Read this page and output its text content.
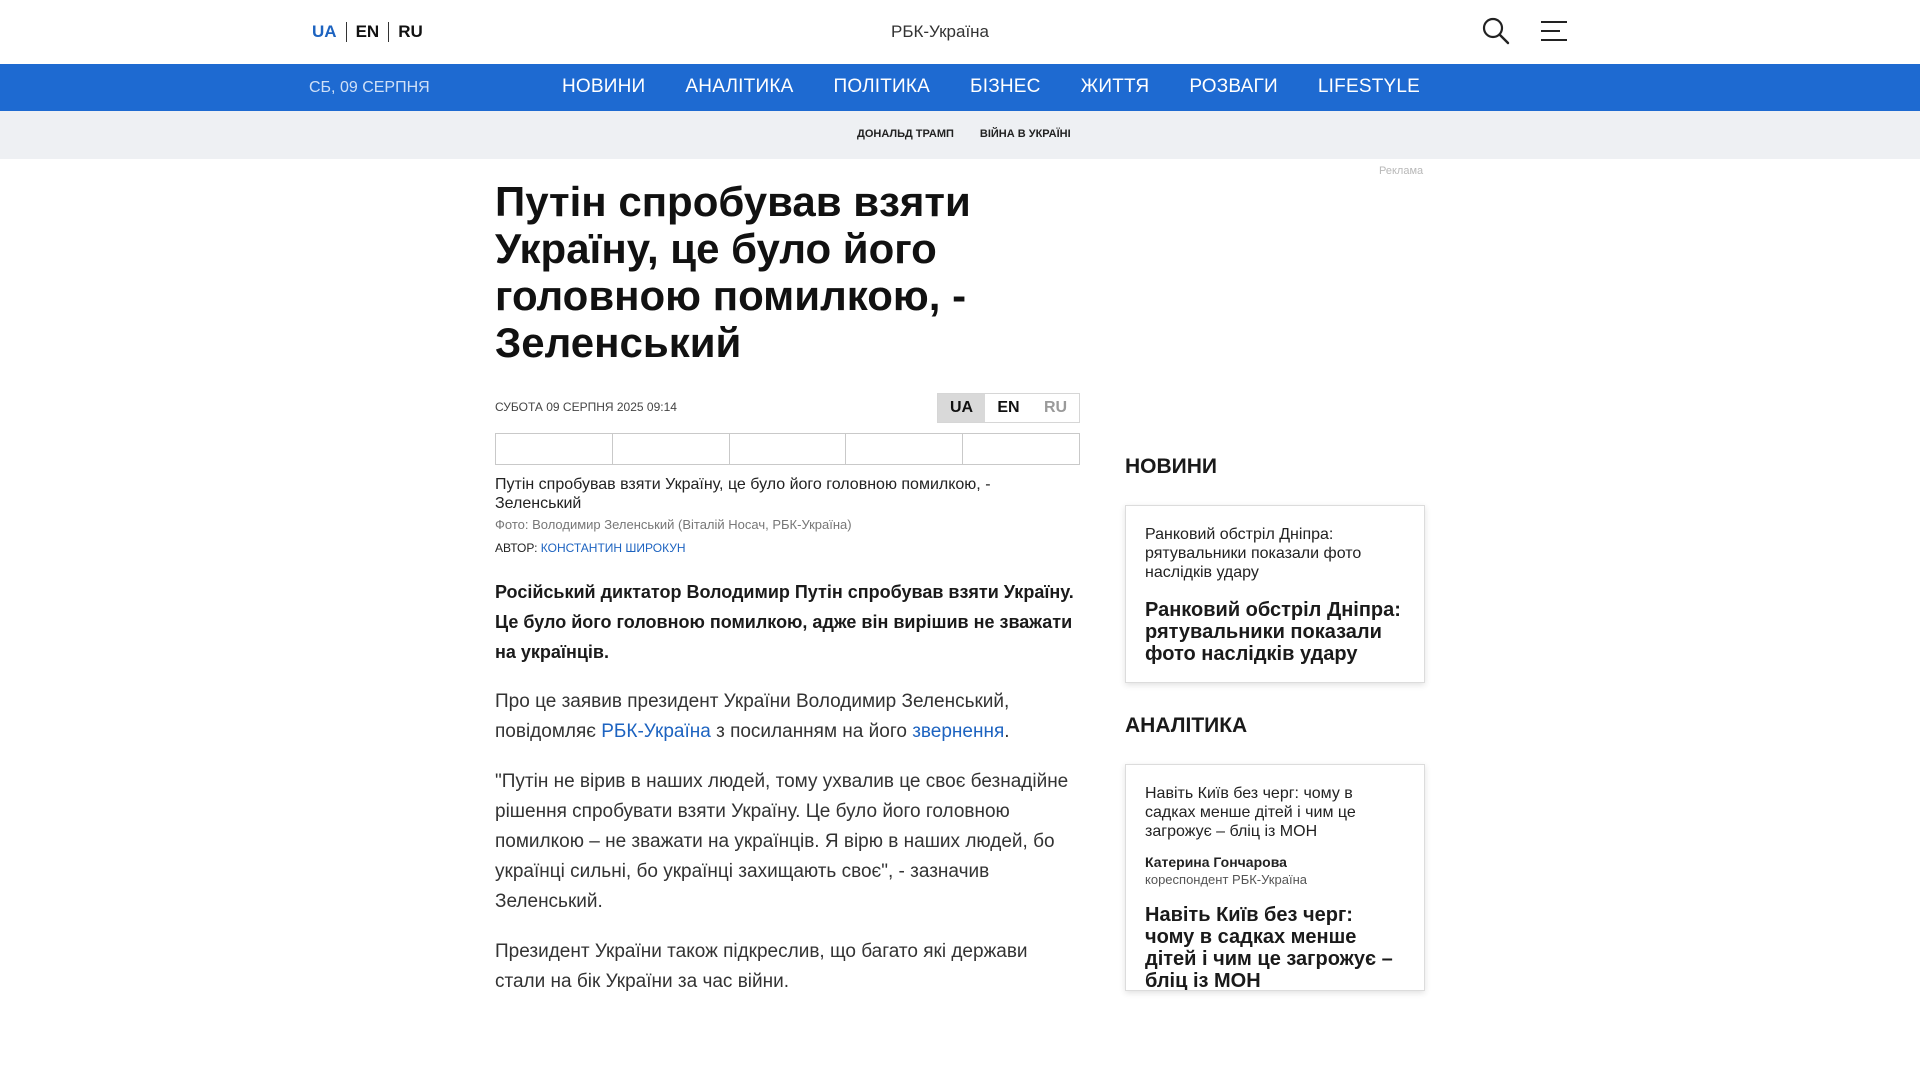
UA	EN	RU	РБК-Україна
СБ, 09 СЕРПНЯ	НОВИНИ АНАЛІТИКА ПОЛІТИКА БІЗНЕС ЖИТТЯ РОЗВАГИ LIFESTYLE
ДОНАЛЬД ТРАМП ВІЙНА В УКРАЇНІ
Реклама
Путін спробував взяти Україну, це було його головною помилкою, - Зеленський
СУБОТА 09 СЕРПНЯ 2025 09:14	UA	EN	RU
Путін спробував взяти Україну, це було його головною помилкою, - Зеленський
Фото: Володимир Зеленський (Віталій Носач, РБК-Україна)
АВТОР: КОНСТАНТИН ШИРОКУН

Російський диктатор Володимир Путін спробував взяти Україну. Це було його головною помилкою, адже він вирішив не зважати на українців.

Про це заявив президент України Володимир Зеленський, повідомляє РБК-Україна з посиланням на його звернення.

"Путін не вірив в наших людей, тому ухвалив це своє безнадійне рішення спробувати взяти Україну. Це було його головною помилкою – не зважати на українців. Я вірю в наших людей, бо українці сильні, бо українці захищають своє", - зазначив Зеленський.

Президент України також підкреслив, що багато які держави стали на бік України за час війни.

НОВИНИ
Ранковий обстріл Дніпра: рятувальники показали фото наслідків удару
Ранковий обстріл Дніпра: рятувальники показали фото наслідків удару
АНАЛІТИКА
Навіть Київ без черг: чому в садках менше дітей і чим це загрожує – бліц із МОН
Катерина Гончарова
кореспондент РБК-Україна
Навіть Київ без черг: чому в садках менше дітей і чим це загрожує – бліц із МОН
